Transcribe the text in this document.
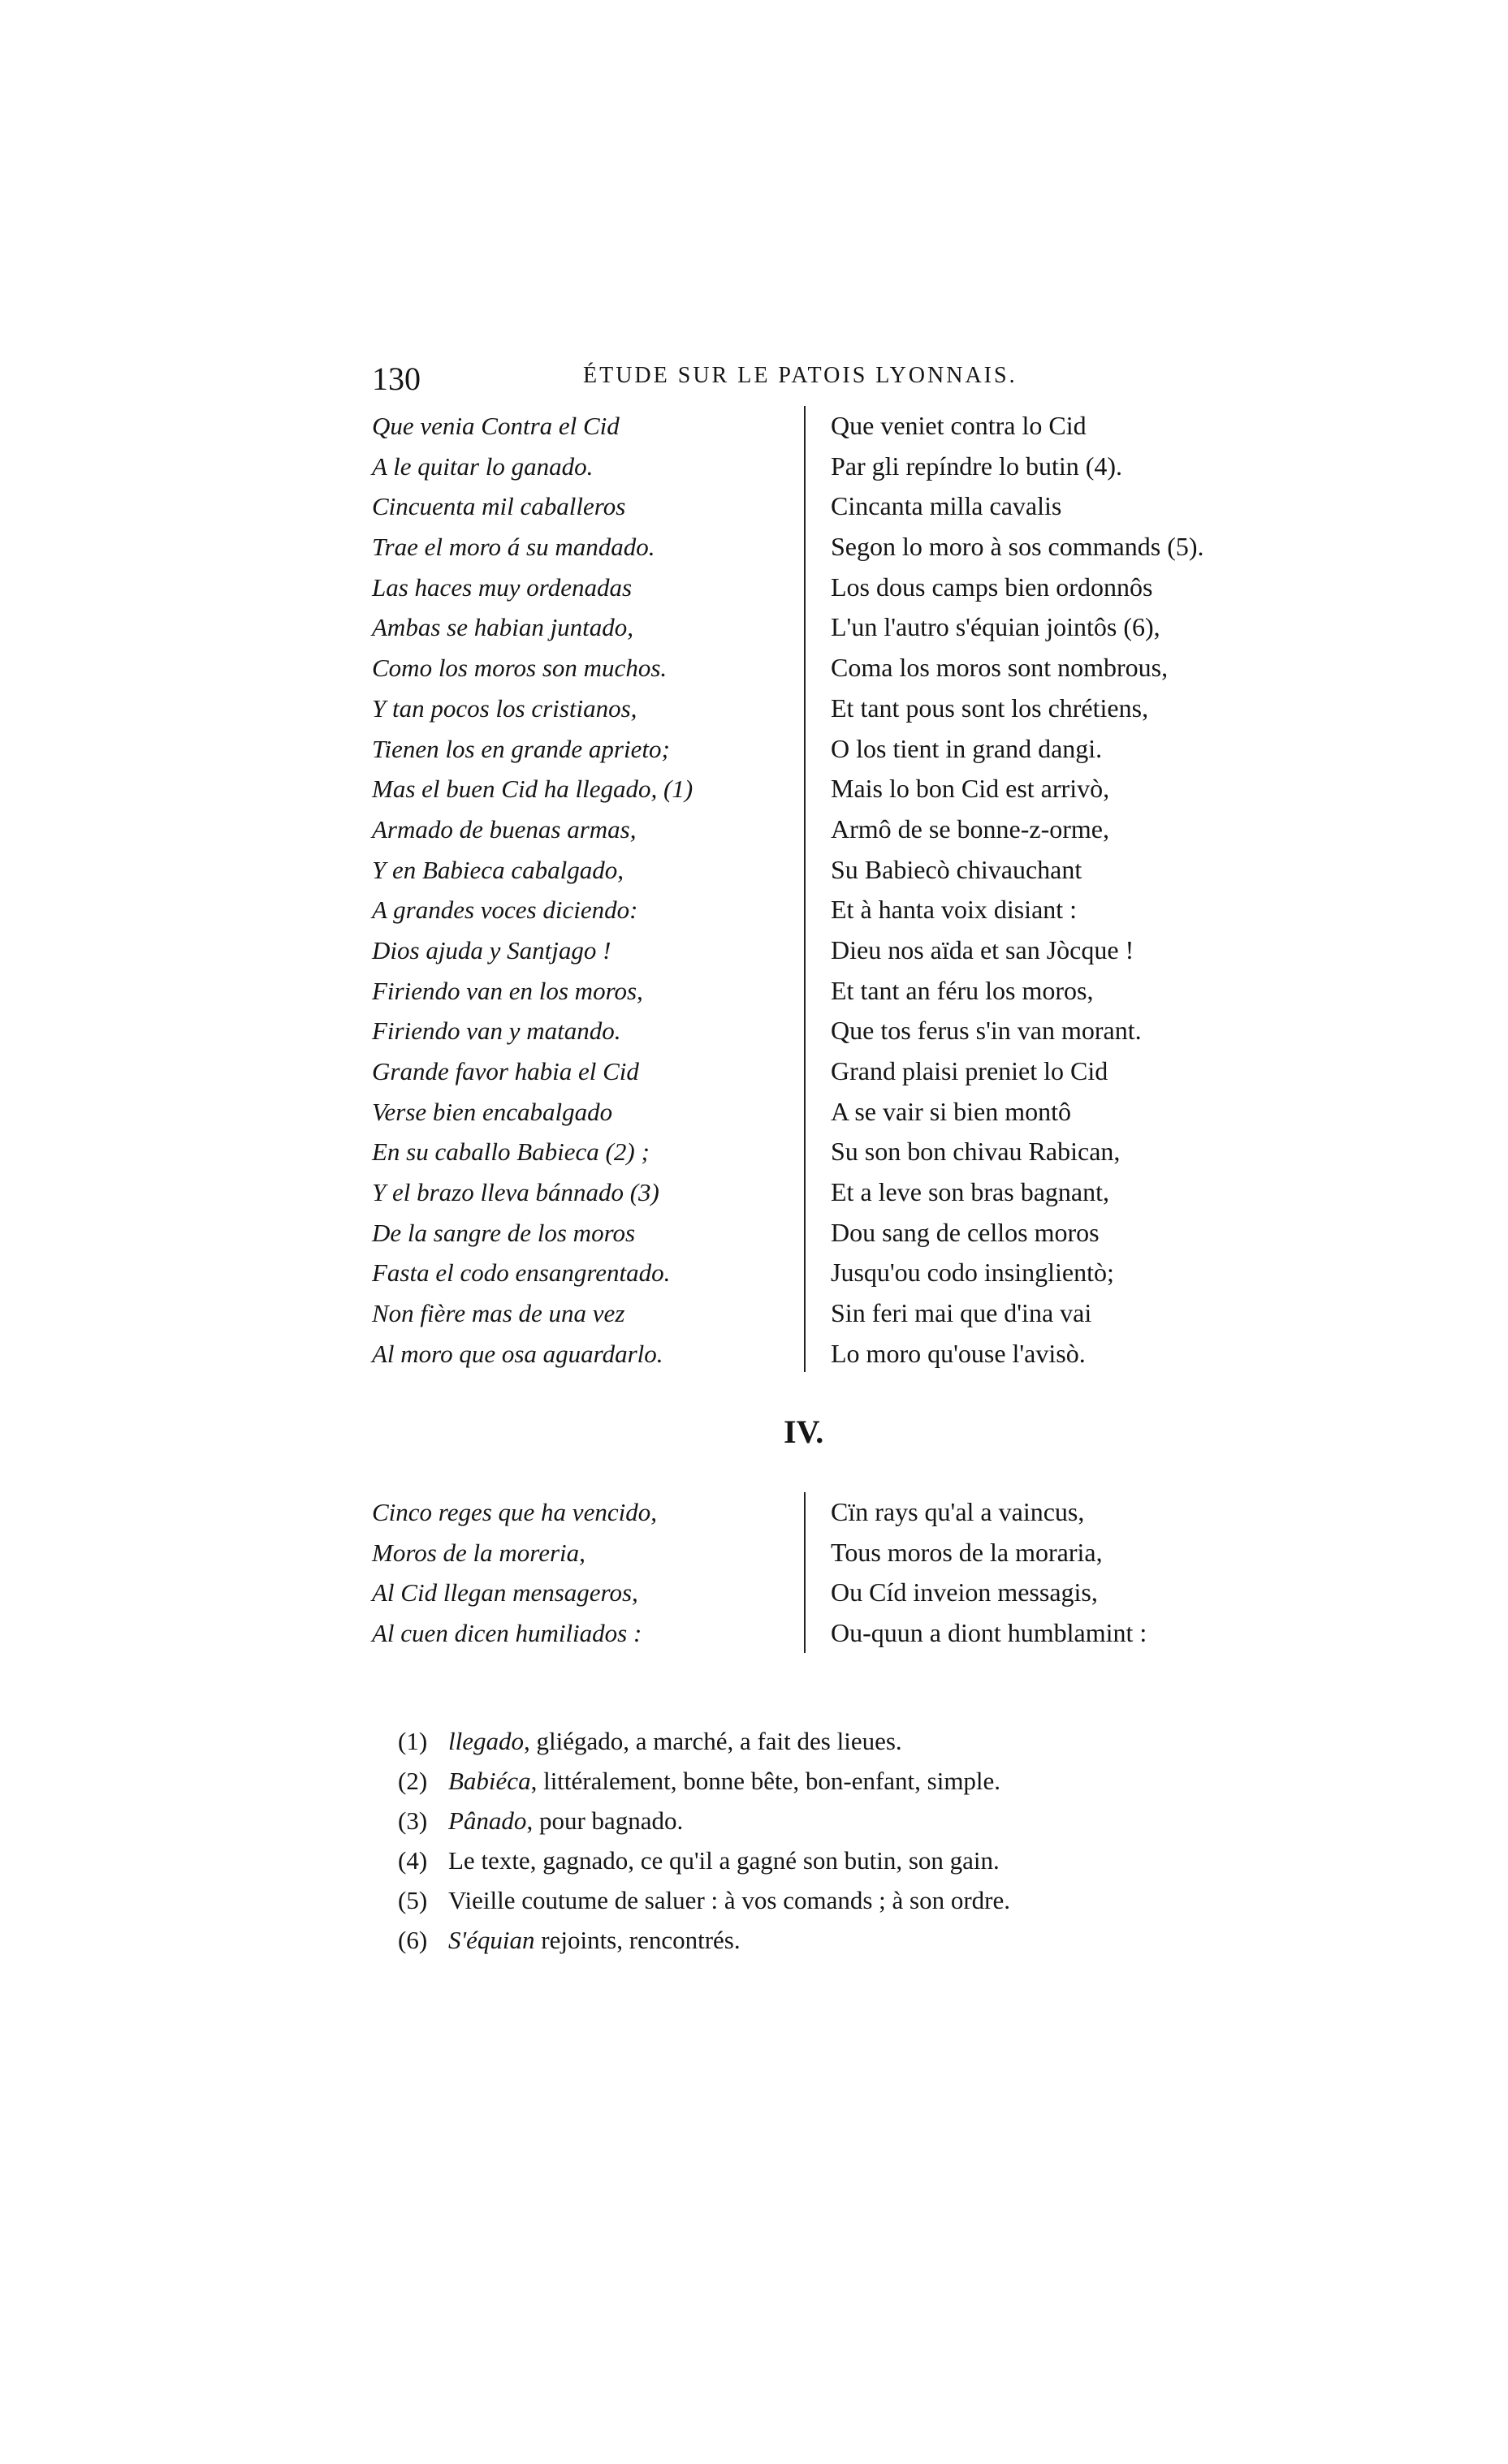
130	ÉTUDE SUR LE PATOIS LYONNAIS.
Que venia Contra el Cid
A le quitar lo ganado.
Cincuenta mil caballeros
Trae el moro á su mandado.
Las haces muy ordenadas
Ambas se habian juntado,
Como los moros son muchos.
Y tan pocos los cristianos,
Tienen los en grande aprieto;
Mas el buen Cid ha llegado, (1)
Armado de buenas armas,
Y en Babieca cabalgado,
A grandes voces diciendo:
Dios ajuda y Santjago !
Firiendo van en los moros,
Firiendo van y matando.
Grande favor habia el Cid
Verse bien encabalgado
En su caballo Babieca (2) ;
Y el brazo lleva bánnado (3)
De la sangre de los moros
Fasta el codo ensangrentado.
Non fière mas de una vez
Al moro que osa aguardarlo.
Que veniet contra lo Cid
Par gli repíndre lo butin (4).
Cincanta milla cavalis
Segon lo moro à sos commands (5).
Los dous camps bien ordonnôs
L'un l'autro s'équian jointôs (6),
Coma los moros sont nombrous,
Et tant pous sont los chrétiens,
O los tient in grand dangi.
Mais lo bon Cid est arrivò,
Armô de se bonne-z-orme,
Su Babiecò chivauchant
Et à hanta voix disiant :
Dieu nos aïda et san Jòcque !
Et tant an féru los moros,
Que tos ferus s'in van morant.
Grand plaisi preniet lo Cid
A se vair si bien montô
Su son bon chivau Rabican,
Et a leve son bras bagnant,
Dou sang de cellos moros
Jusqu'ou codo insinglientò;
Sin feri mai que d'ina vai
Lo moro qu'ouse l'avisò.
IV.
Cinco reges que ha vencido,
Moros de la moreria,
Al Cid llegan mensageros,
Al cuen dicen humiliados :
Cïn rays qu'al a vaincus,
Tous moros de la moraria,
Ou Cíd inveion messagis,
Ou-quun a diont humblamint :
(1) llegado, gliégado, a marché, a fait des lieues.
(2) Babiéca, littéralement, bonne bête, bon-enfant, simple.
(3) Pânado, pour bagnado.
(4) Le texte, gagnado, ce qu'il a gagné son butin, son gain.
(5) Vieille coutume de saluer : à vos comands ; à son ordre.
(6) S'équian rejoints, rencontrés.
